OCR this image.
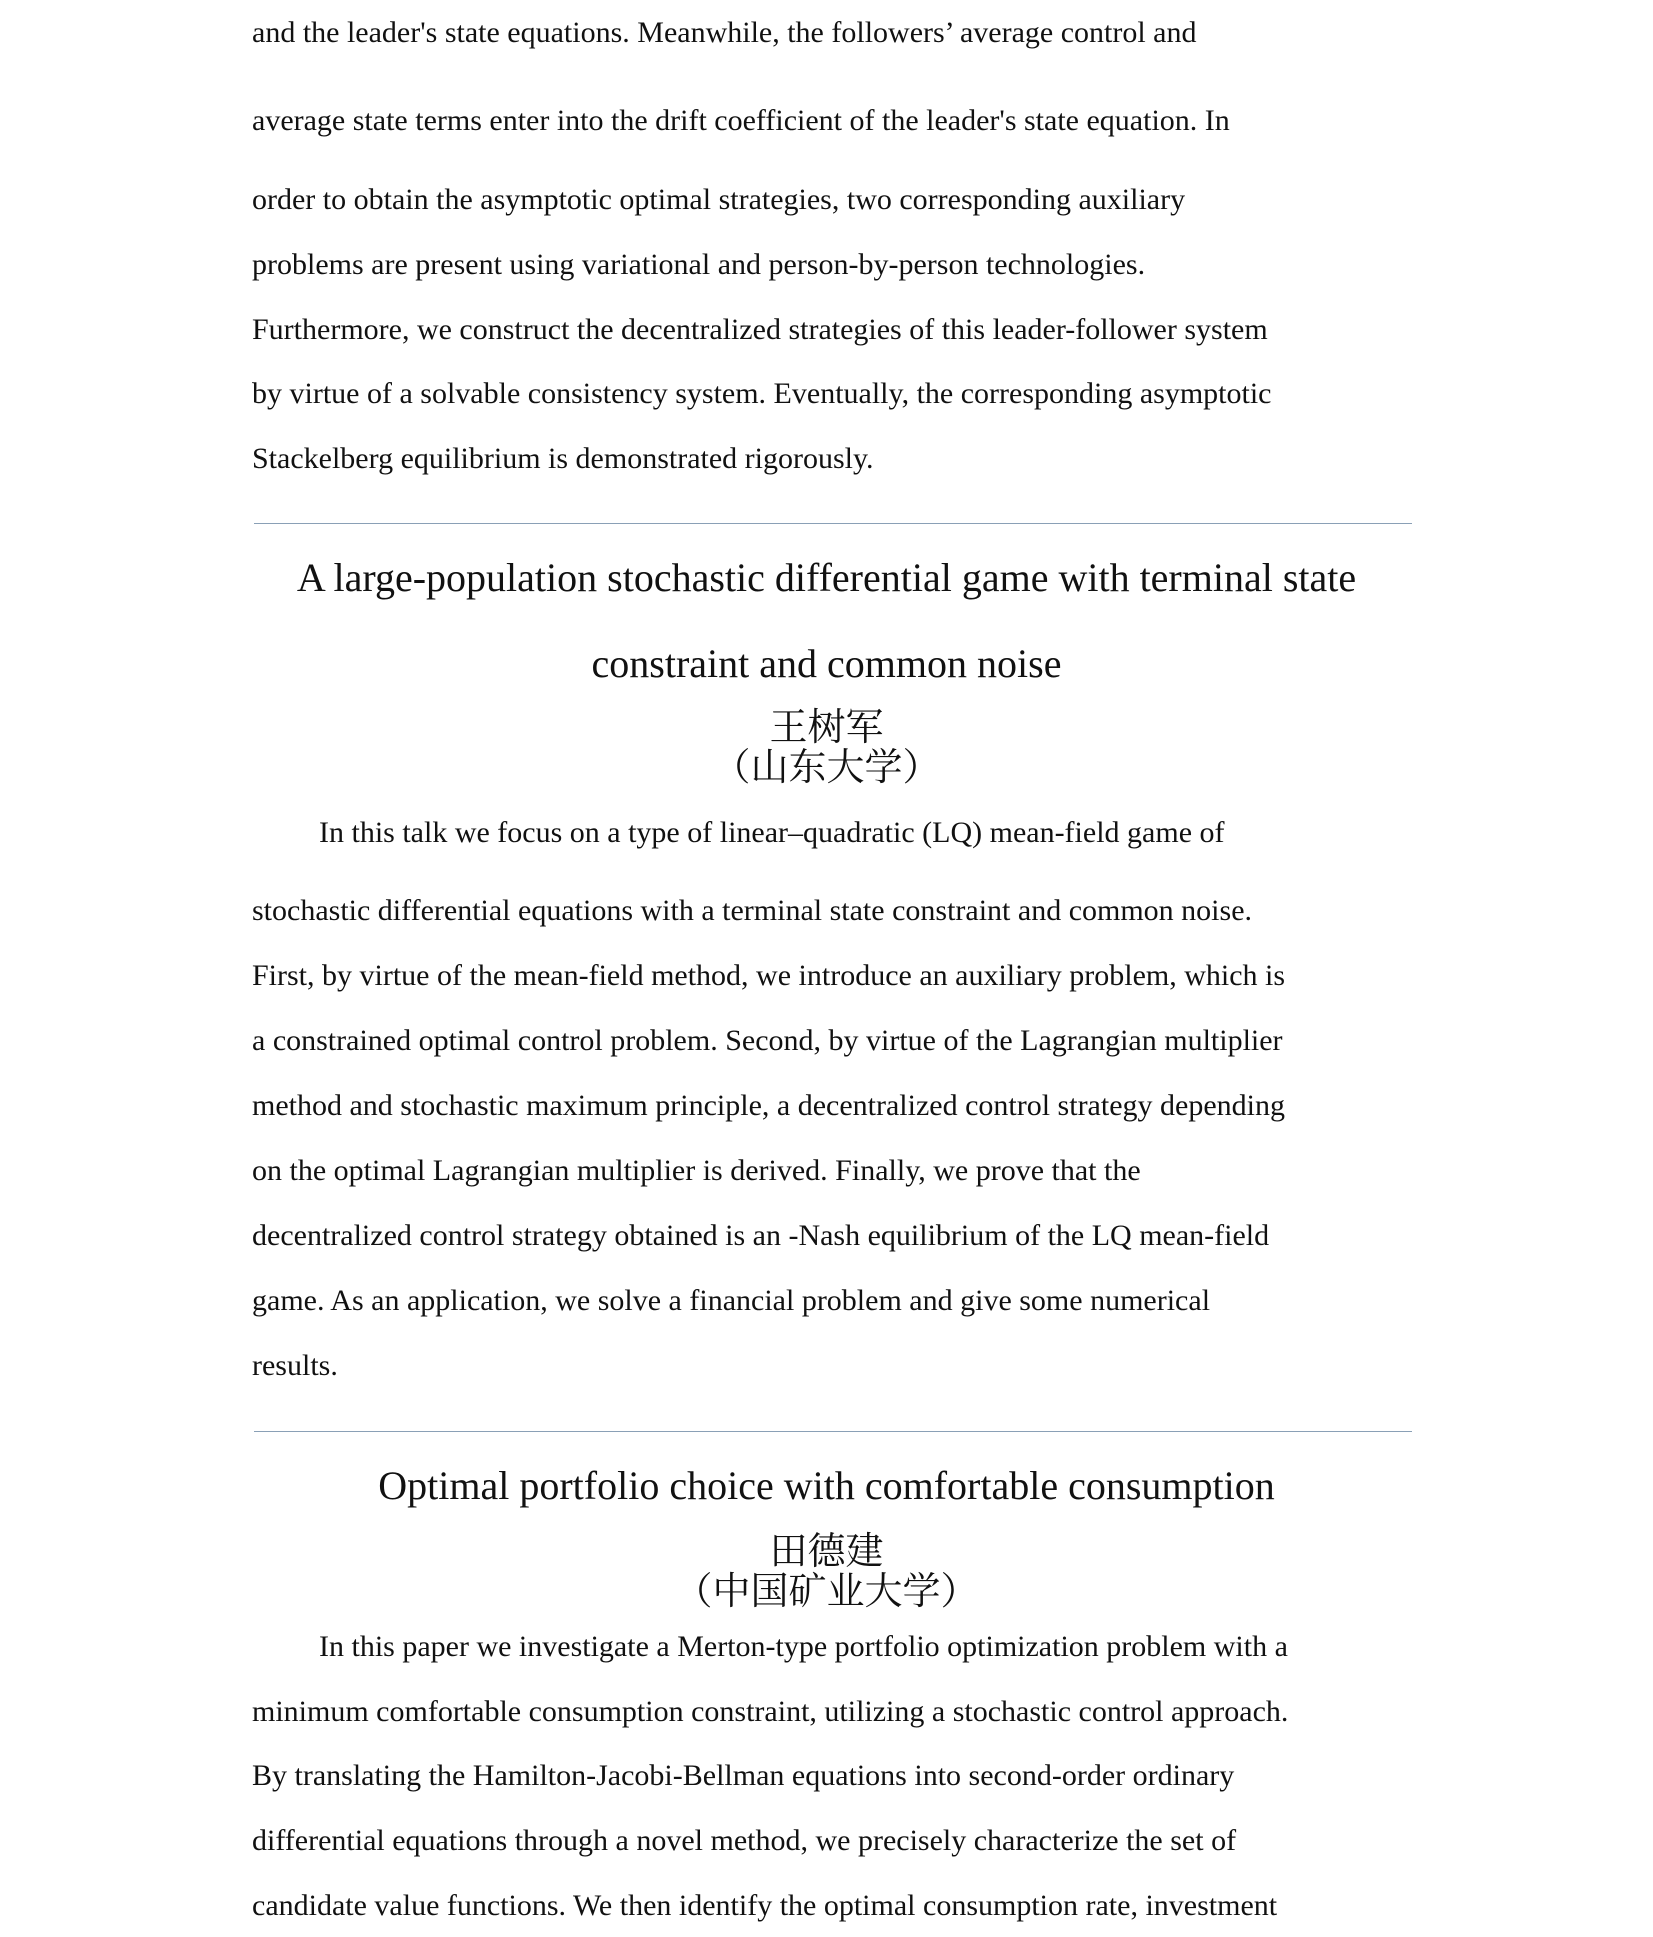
and the leader's state equations. Meanwhile, the followers’ average control and
average state terms enter into the drift coefficient of the leader's state equation. In
order to obtain the asymptotic optimal strategies, two corresponding auxiliary
problems are present using variational and person-by-person technologies.
Furthermore, we construct the decentralized strategies of this leader-follower system
by virtue of a solvable consistency system. Eventually, the corresponding asymptotic
Stackelberg equilibrium is demonstrated rigorously.
A large-population stochastic differential game with terminal state
constraint and common noise
王树军
（山东大学）
In this talk we focus on a type of linear–quadratic (LQ) mean-field game of
stochastic differential equations with a terminal state constraint and common noise.
First, by virtue of the mean-field method, we introduce an auxiliary problem, which is
a constrained optimal control problem. Second, by virtue of the Lagrangian multiplier
method and stochastic maximum principle, a decentralized control strategy depending
on the optimal Lagrangian multiplier is derived. Finally, we prove that the
decentralized control strategy obtained is an -Nash equilibrium of the LQ mean-field
game. As an application, we solve a financial problem and give some numerical
results.
Optimal portfolio choice with comfortable consumption
田德建
（中国矿业大学）
In this paper we investigate a Merton-type portfolio optimization problem with a
minimum comfortable consumption constraint, utilizing a stochastic control approach.
By translating the Hamilton-Jacobi-Bellman equations into second-order ordinary
differential equations through a novel method, we precisely characterize the set of
candidate value functions. We then identify the optimal consumption rate, investment
